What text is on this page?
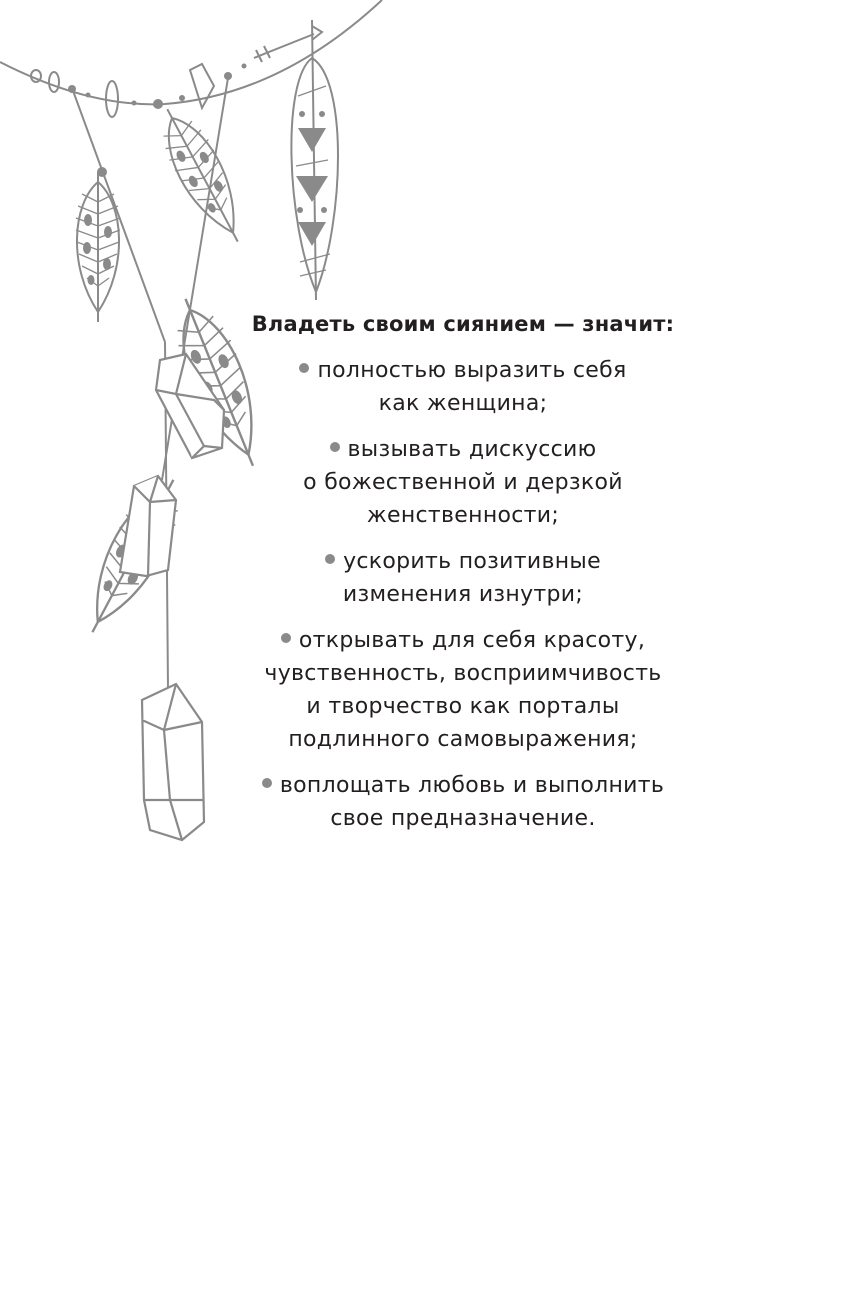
Владеть своим сиянием — значит:
полностью выразить себя
как женщина;
вызывать дискуссию
о божественной и дерзкой
женственности;
ускорить позитивные
изменения изнутри;
открывать для себя красоту,
чувственность, восприимчивость
и творчество как порталы
подлинного самовыражения;
воплощать любовь и выполнить
свое предназначение.
